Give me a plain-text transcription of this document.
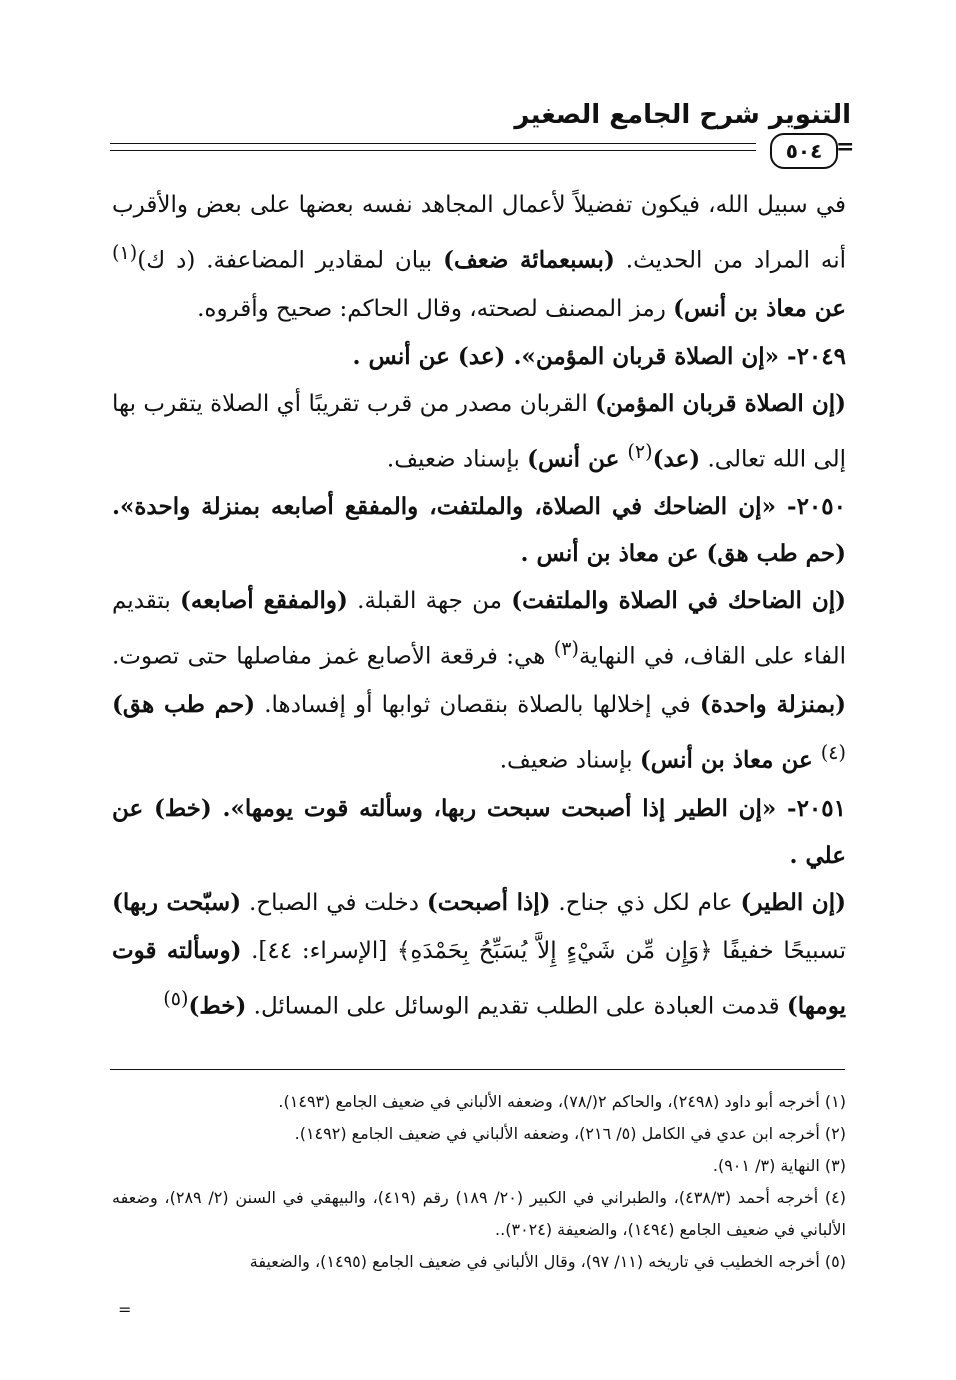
التنوير شرح الجامع الصغير
٥٠٤ =

في سبيل الله، فيكون تفضيلاً لأعمال المجاهد نفسه بعضها على بعض والأقرب أنه المراد من الحديث. (بسبعمائة ضعف) بيان لمقادير المضاعفة. (د ك)$^{(١)}$ عن معاذ بن أنس) رمز المصنف لصحته، وقال الحاكم: صحيح وأقروه.

٢٠٤٩- «إن الصلاة قربان المؤمن». (عد) عن أنس .

(إن الصلاة قربان المؤمن) القربان مصدر من قرب تقريبًا أي الصلاة يتقرب بها إلى الله تعالى. (عد)$^{(٢)}$ عن أنس) بإسناد ضعيف.

٢٠٥٠- «إن الضاحك في الصلاة، والملتفت، والمفقع أصابعه بمنزلة واحدة». (حم طب هق) عن معاذ بن أنس .

(إن الضاحك في الصلاة والملتفت) من جهة القبلة. (والمفقع أصابعه) بتقديم الفاء على القاف، في النهاية$^{(٣)}$ هي: فرقعة الأصابع غمز مفاصلها حتى تصوت. (بمنزلة واحدة) في إخلالها بالصلاة بنقصان ثوابها أو إفسادها. (حم طب هق)$^{(٤)}$ عن معاذ بن أنس) بإسناد ضعيف.

٢٠٥١- «إن الطير إذا أصبحت سبحت ربها، وسألته قوت يومها». (خط) عن علي .

(إن الطير) عام لكل ذي جناح. (إذا أصبحت) دخلت في الصباح. (سبّحت ربها) تسبيحًا خفيفًا ﴿وَإِن مِّن شَيْءٍ إِلاَّ يُسَبِّحُ بِحَمْدَهِ﴾ [الإسراء: ٤٤]. (وسألته قوت يومها) قدمت العبادة على الطلب تقديم الوسائل على المسائل. (خط)$^{(٥)}$

(١) أخرجه أبو داود (٢٤٩٨)، والحاكم ٢(/٧٨)، وضعفه الألباني في ضعيف الجامع (١٤٩٣).

(٢) أخرجه ابن عدي في الكامل (٥/ ٢١٦)، وضعفه الألباني في ضعيف الجامع (١٤٩٢).

(٣) النهاية (٣/ ٩٠١).

(٤) أخرجه أحمد (٤٣٨/٣)، والطبراني في الكبير (٢٠/ ١٨٩) رقم (٤١٩)، والبيهقي في السنن (٢/ ٢٨٩)، وضعفه الألباني في ضعيف الجامع (١٤٩٤)، والضعيفة (٣٠٢٤)..

(٥) أخرجه الخطيب في تاريخه (١١/ ٩٧)، وقال الألباني في ضعيف الجامع (١٤٩٥)، والضعيفة

=
